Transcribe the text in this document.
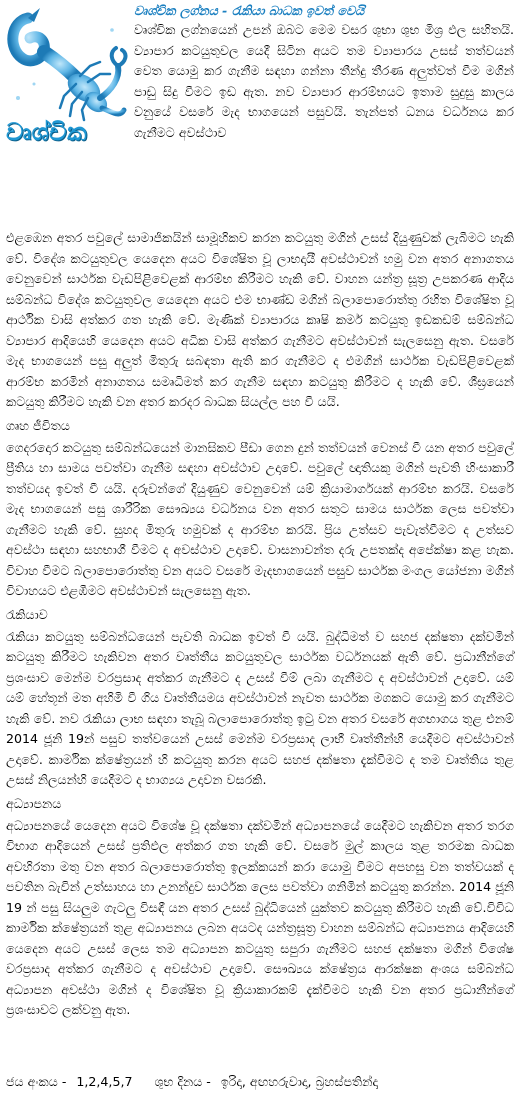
වෘශ්චික
වෘශ්චික ලග්නය - රැකියා බාධක ඉවත් වෙයි
වෘශ්චික ලග්නයෙන් උපන් ඔබට මෙම වසර ශුභා ශුභ මිශ්‍ර ඵල සහිතයි. ව්‍යාපාර කටයුතුවල යෙදී සිටින අයට තම ව්‍යාපාරය උසස් තත්වයන් වෙත යොමු කර ගැනීම සඳහා ගන්නා තීන්දු තීරණ අලුත්වත් වීම මගින් පාඩු සිදු වීමට ඉඩ ඇත. නව ව්‍යාපාර ආරම්භයට ඉතාම සුදුසු කාලය වනුයේ වසරේ මැද භාගයෙන් පසුවයි. තැන්පත් ධනය වර්ධනය කර ගැනීමට අවස්ථාව

එළඹෙන අතර පවුලේ සාමාජිකයින් සාමූහිකව කරන කටයුතු මගින් උසස් දියුණුවක් ලැබීමට හැකි වේ. විදේශ කටයුතුවල යෙදෙන අයට විශේෂිත වූ ලාභදායී අවස්ථාවන් හමු වන අතර අනාගතය වෙනුවෙන් සාර්ථක වැඩපිළිවෙළක් ආරම්භ කිරීමට හැකි වේ. වාහන යන්ත්‍ර සූත්‍ර උපකරණ ආදිය සම්බන්ධ විදේශ කටයුතුවල යෙදෙන අයට එම භාණ්ඩ මගින් බලාපොරොත්තු රහිත විශේෂිත වූ ආර්ථික වාසි අත්කර ගත හැකි වේ. මැණික් ව්‍යාපාරය කෘෂි කර්ම කටයුතු ඉඩකඩම් සම්බන්ධ ව්‍යාපාර ආදියෙහි යෙදෙන අයට අධික වාසි අත්කර ගැනීමට අවස්ථාවන් සැලසෙනු ඇත. වසරේ මැද භාගයෙන් පසු අලුත් මිතුරු සබඳතා ඇති කර ගැනීමට ද එමගින් සාර්ථක වැඩපිළිවෙළක් ආරම්භ කරමින් අනාගතය සමෘධිමත් කර ගැනීම සඳහා කටයුතු කිරීමට ද හැකි වේ. ශීඝ්‍රයෙන් කටයුතු කිරීමට හැකි වන අතර කරදර බාධක සියල්ල පහ වී යයි.

ගෘහ ජීවිතය

ගෙදරදොර කටයුතු සම්බන්ධයෙන් මානසිකව පීඩා ගෙන දුන් තත්වයන් වෙනස් වී යන අතර පවුලේ ප්‍රීතිය හා සාමය පවත්වා ගැනීම සඳහා අවස්ථාව උදාවේ. පවුලේ ඥාතියකු මගින් පැවති හිංසාකාරී තත්වයද ඉවත් වී යයි. දරුවන්ගේ දියුණුව වෙනුවෙන් යම් ක්‍රියාමාර්ගයක් ආරම්භ කරයි. වසරේ මැද භාගයෙන් පසු ශාරීරික සෞඛ්‍යය වර්ධනය වන අතර සතුට සාමය සාර්ථක ලෙස පවත්වා ගැනීමට හැකි වේ. සුහද මිතුරු හමුවක් ද ආරම්භ කරයි. ප්‍රිය උත්සව පැවැත්වීමට ද උත්සව අවස්ථා සඳහා සහභාගී වීමට ද අවස්ථාව උදාවේ. වාසනාවන්ත දරු උපතක්ද අපේක්ෂා කළ හැක. විවාහ වීමට බලාපොරොත්තු වන අයට වසරේ මැදභාගයෙන් පසුව සාර්ථක මංගල යෝජනා මගින් විවාහයට එළඹීමට අවස්ථාවන් සැලසෙනු ඇත.

රැකියාව

රැකියා කටයුතු සම්බන්ධයෙන් පැවති බාධක ඉවත් වී යයි. බුද්ධිමත් ව සහජ දක්ෂතා දක්වමින් කටයුතු කිරීමට හැකිවන අතර වෘත්තීය කටයුතුවල සාර්ථක වර්ධනයක් ඇති වේ. ප්‍රධානීන්ගේ ප්‍රශංසාව මෙන්ම වරප්‍රසාද අත්කර ගැනීමට ද උසස් වීම් ලබා ගැනීමට ද අවස්ථාවන් උදාවේ. යම් යම් හේතූන් මත අහිමි වී ගිය වෘත්තීයමය අවස්ථාවන් නැවත සාර්ථක මගකට යොමු කර ගැනීමට හැකි වේ. නව රැකියා ලාභ සඳහා තැබූ බලාපොරොත්තු ඉටු වන අතර වසරේ අගභාගය තුළ එනම් 2014 ජූනි 19න් පසුව තත්වයෙන් උසස් මෙන්ම වරප්‍රසාද ලාභී වෘත්තීන්හි යෙදීමට අවස්ථාවන් උදාවේ. කාර්මික ක්ෂේත්‍රයන් හි කටයුතු කරන අයට සහජ දක්ෂතා දැක්වීමට ද තම වෘත්තිය තුළ උසස් නිලයන්හි යෙදීමට ද භාග්‍යය උදාවන වසරකි.

අධ්‍යාපනය

අධ්‍යාපනයේ යෙදෙන අයට විශේෂ වූ දක්ෂතා දක්වමින් අධ්‍යාපනයේ යෙදීමට හැකිවන අතර තරග විභාග ආදියෙන් උසස් ප්‍රතිඵල අත්කර ගත හැකි වේ. වසරේ මුල් කාලය තුළ තරමක බාධක අවහිරතා මතු වන අතර බලාපොරොත්තු ඉලක්කයන් කරා යොමු වීමට අපහසු වන තත්වයක් ද පවතින බැවින් උත්සාහය හා උනන්දුව සාර්ථක ලෙස පවත්වා ගනිමින් කටයුතු කරන්න. 2014 ජූනි 19 න් පසු සියලුම ගැටලු විසඳී යන අතර උසස් බුද්ධියෙන් යුක්තව කටයුතු කිරීමට හැකි වේ.විවිධ කාර්මික ක්ෂේත්‍රයන් තුළ අධ්‍යාපනය ලබන අයටද යන්ත්‍රසූත්‍ර වාහන සම්බන්ධ අධ්‍යාපනය ආදියෙහි යෙදෙන අයට උසස් ලෙස තම අධ්‍යාපන කටයුතු සපුරා ගැනීමට සහජ දක්ෂතා මගින් විශේෂ වරප්‍රසාද අත්කර ගැනීමට ද අවස්ථාව උදාවේ. සෞඛ්‍යය ක්ෂේත්‍රය ආරක්ෂක අංශය සම්බන්ධ අධ්‍යාපන අවස්ථා මගින් ද විශේෂිත වූ ක්‍රියාකාරකම් දැක්වීමට හැකි වන අතර ප්‍රධානීන්ගේ ප්‍රශංසාවට ලක්වනු ඇත.

ජය අංකය - 1,2,4,5,7 ශුභ දිනය - ඉරිදා, අඟහරුවාදා, බ්‍රහස්පතින්දා
